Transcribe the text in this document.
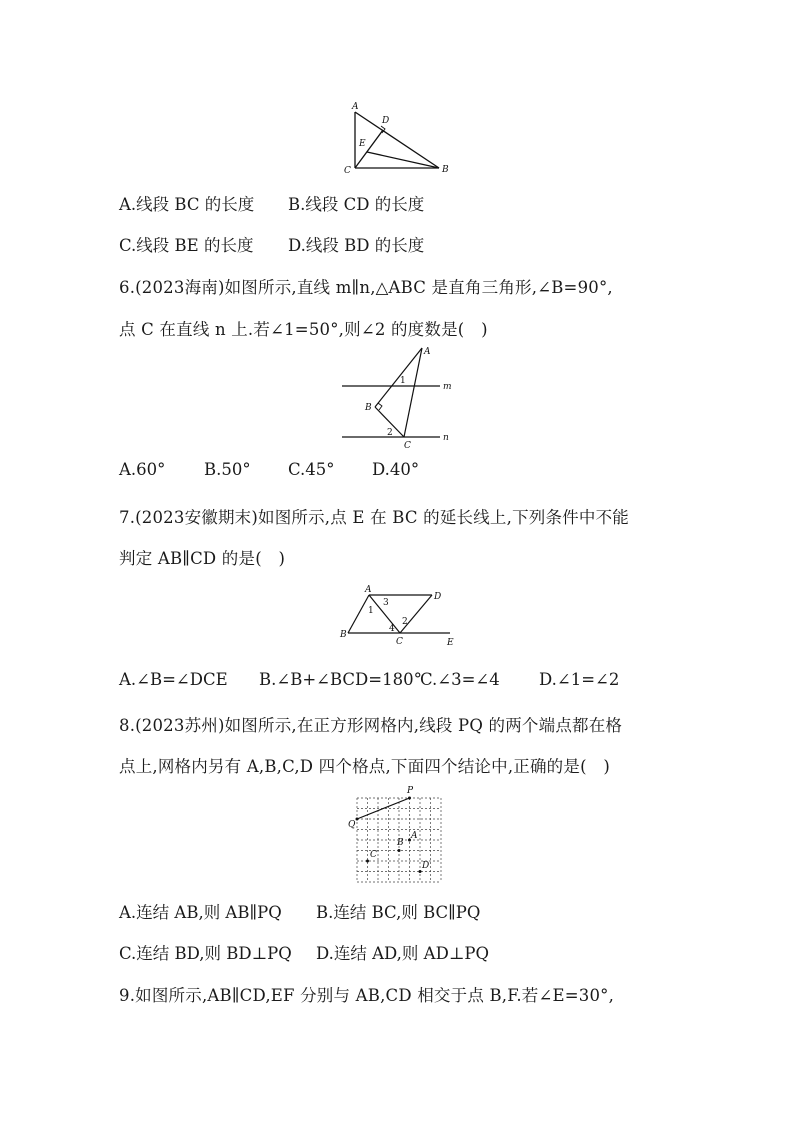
A
D
E
C	B
A.线段 BC 的长度 B.线段 CD 的长度
C.线段 BE 的长度 D.线段 BD 的长度
6.(2023海南)如图所示,直线 m∥n,△ABC 是直角三角形,∠B=90°,
点 C 在直线 n 上.若∠1=50°,则∠2 的度数是(　)
A
B
C
m
n
1
2
A.60° B.50° C.45° D.40°
7.(2023安徽期末)如图所示,点 E 在 BC 的延长线上,下列条件中不能
判定 AB∥CD 的是(　)
A
B
C
D
E
1
2
3
4
A.∠B=∠DCE B.∠B+∠BCD=180°
C.∠3=∠4 D.∠1=∠2
8.(2023苏州)如图所示,在正方形网格内,线段 PQ 的两个端点都在格
点上,网格内另有 A,B,C,D 四个格点,下面四个结论中,正确的是(　)
P
Q
A
B
C
D
A.连结 AB,则 AB∥PQ B.连结 BC,则 BC∥PQ
C.连结 BD,则 BD⊥PQ D.连结 AD,则 AD⊥PQ
9.如图所示,AB∥CD,EF 分别与 AB,CD 相交于点 B,F.若∠E=30°,
